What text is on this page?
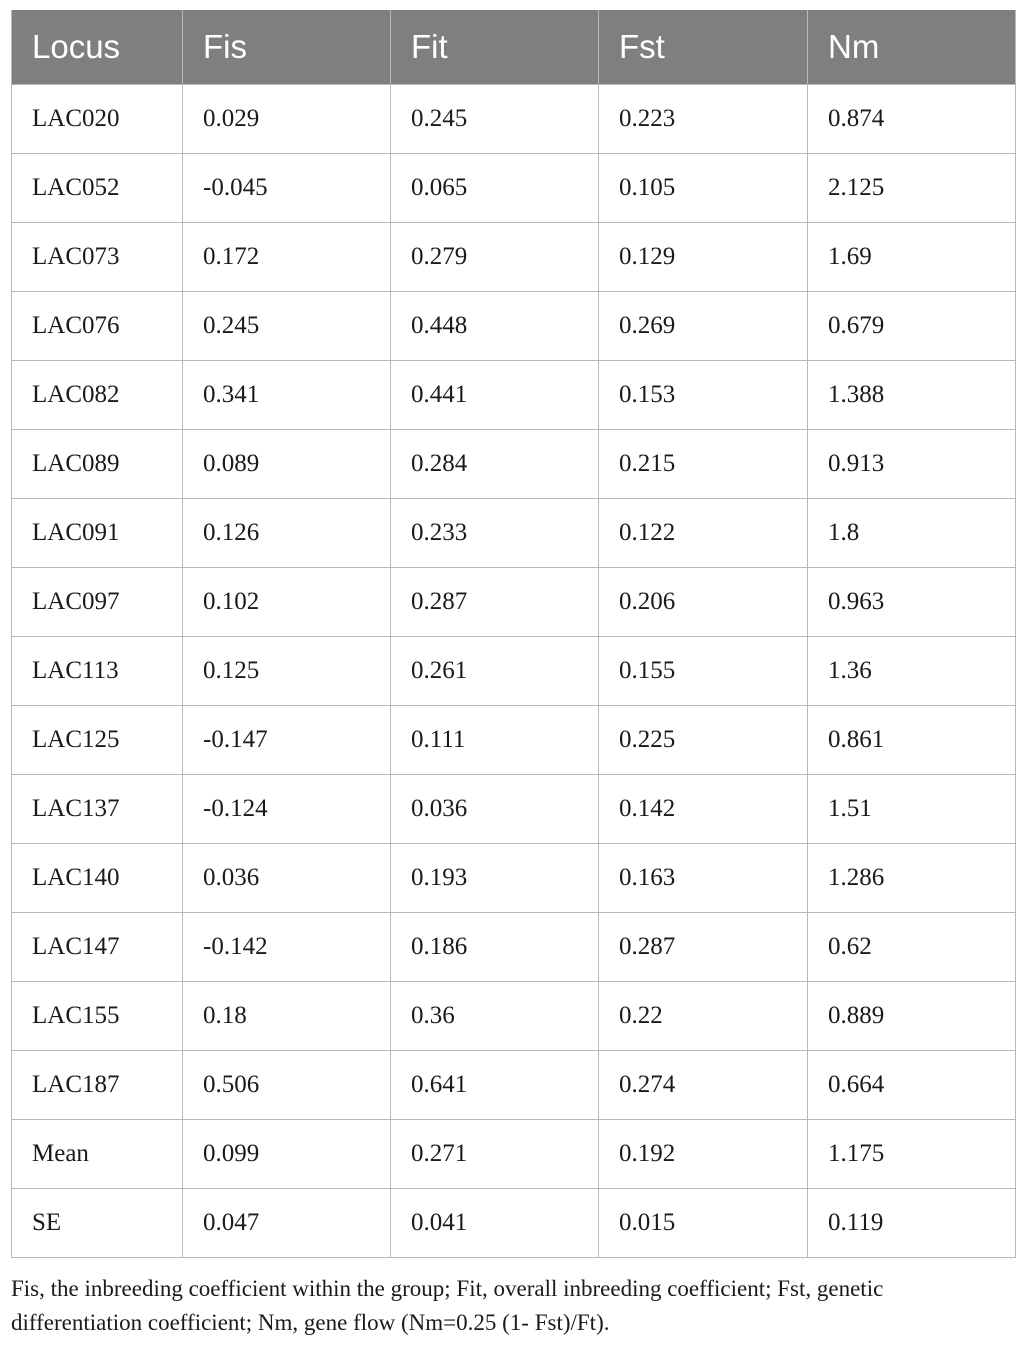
Locus	Fis	Fit	Fst	Nm
LAC020	0.029	0.245	0.223	0.874
LAC052	-0.045	0.065	0.105	2.125
LAC073	0.172	0.279	0.129	1.69
LAC076	0.245	0.448	0.269	0.679
LAC082	0.341	0.441	0.153	1.388
LAC089	0.089	0.284	0.215	0.913
LAC091	0.126	0.233	0.122	1.8
LAC097	0.102	0.287	0.206	0.963
LAC113	0.125	0.261	0.155	1.36
LAC125	-0.147	0.111	0.225	0.861
LAC137	-0.124	0.036	0.142	1.51
LAC140	0.036	0.193	0.163	1.286
LAC147	-0.142	0.186	0.287	0.62
LAC155	0.18	0.36	0.22	0.889
LAC187	0.506	0.641	0.274	0.664
Mean	0.099	0.271	0.192	1.175
SE	0.047	0.041	0.015	0.119
Fis, the inbreeding coefficient within the group; Fit, overall inbreeding coefficient; Fst, genetic differentiation coefficient; Nm, gene flow (Nm=0.25 (1- Fst)/Ft).
